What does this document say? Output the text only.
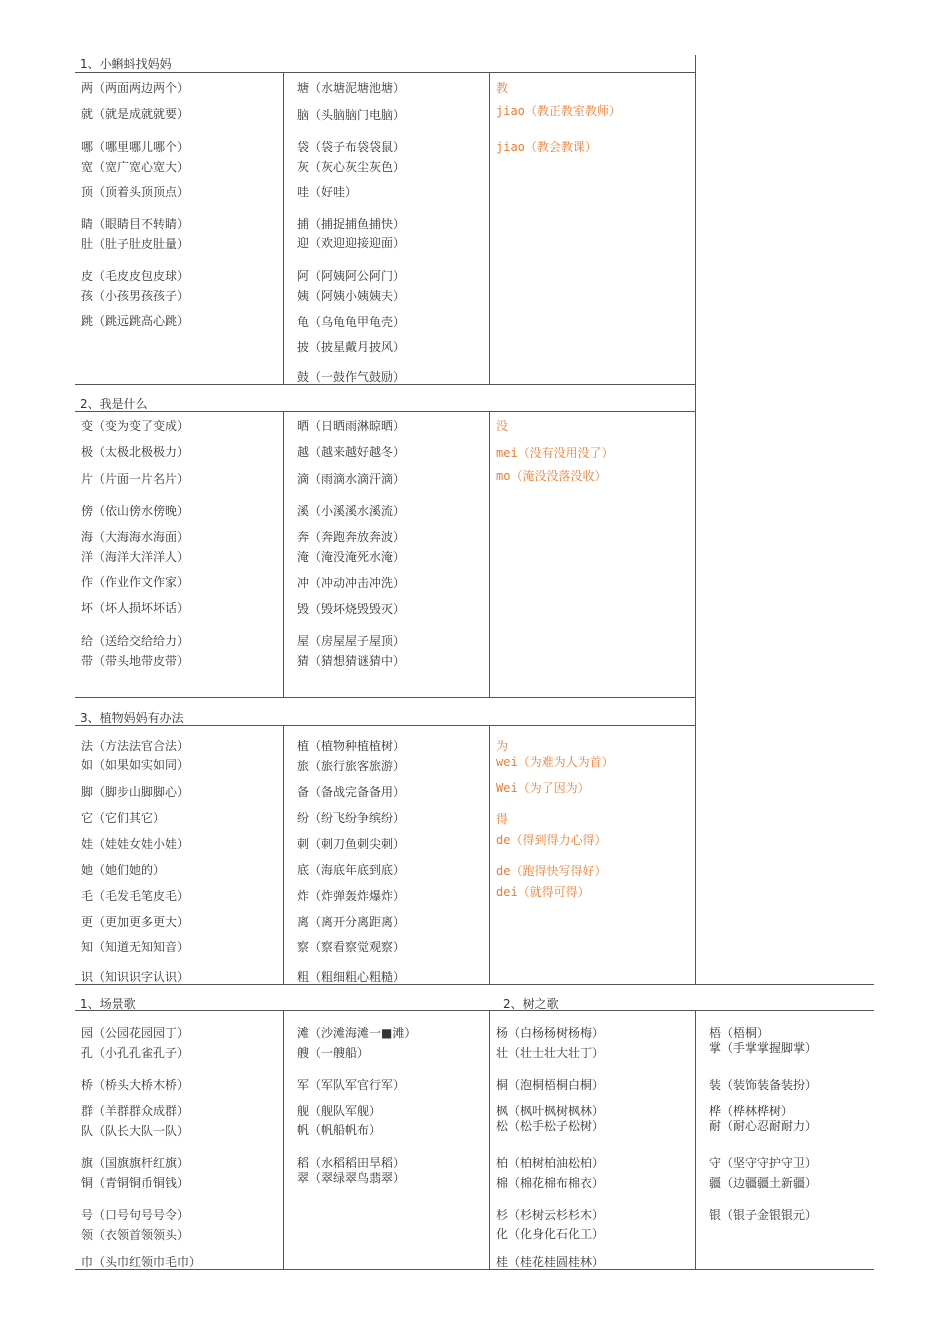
1、小蝌蚪找妈妈
两（两面两边两个）
就（就是成就就要）
哪（哪里哪儿哪个）
宽（宽广宽心宽大）
顶（顶着头顶顶点）
睛（眼睛目不转睛）
肚（肚子肚皮肚量）
皮（毛皮皮包皮球）
孩（小孩男孩孩子）
跳（跳远跳高心跳）
塘（水塘泥塘池塘）
脑（头脑脑门电脑）
袋（袋子布袋袋鼠）
灰（灰心灰尘灰色）
哇（好哇）
捕（捕捉捕鱼捕快）
迎（欢迎迎接迎面）
阿（阿姨阿公阿门）
姨（阿姨小姨姨夫）
龟（乌龟龟甲龟壳）
披（披星戴月披风）
鼓（一鼓作气鼓励）
教
jiao（教正教室教师）
jiao（教会教课）
2、我是什么
变（变为变了变成）
极（太极北极极力）
片（片面一片名片）
傍（依山傍水傍晚）
海（大海海水海面）
洋（海洋大洋洋人）
作（作业作文作家）
坏（坏人损坏坏话）
给（送给交给给力）
带（带头地带皮带）
晒（日晒雨淋晾晒）
越（越来越好越冬）
滴（雨滴水滴汗滴）
溪（小溪溪水溪流）
奔（奔跑奔放奔波）
淹（淹没淹死水淹）
冲（冲动冲击冲洗）
毁（毁坏烧毁毁灭）
屋（房屋屋子屋顶）
猜（猜想猜谜猜中）
没
mei（没有没用没了）
mo（淹没没落没收）
3、植物妈妈有办法
法（方法法官合法）
如（如果如实如同）
脚（脚步山脚脚心）
它（它们其它）
娃（娃娃女娃小娃）
她（她们她的）
毛（毛发毛笔皮毛）
更（更加更多更大）
知（知道无知知音）
识（知识识字认识）
植（植物种植植树）
旅（旅行旅客旅游）
备（备战完备备用）
纷（纷飞纷争缤纷）
刺（刺刀鱼刺尖刺）
底（海底年底到底）
炸（炸弹轰炸爆炸）
离（离开分离距离）
察（察看察觉观察）
粗（粗细粗心粗糙）
为
wei（为难为人为首）
Wei（为了因为）
得
de（得到得力心得）
de（跑得快写得好）
dei（就得可得）
1、场景歌	2、树之歌
园（公园花园园丁）
孔（小孔孔雀孔子）
桥（桥头大桥木桥）
群（羊群群众成群）
队（队长大队一队）
旗（国旗旗杆红旗）
铜（青铜铜币铜钱）
号（口号句号号令）
领（衣领首领领头）
巾（头巾红领巾毛巾）
滩（沙滩海滩一■滩）
艘（一艘船）
军（军队军官行军）
舰（舰队军舰）
帆（帆船帆布）
稻（水稻稻田旱稻）
翠（翠绿翠鸟翡翠）
杨（白杨杨树杨梅）
壮（壮士壮大壮丁）
桐（泡桐梧桐白桐）
枫（枫叶枫树枫林）
松（松手松子松树）
柏（柏树柏油松柏）
棉（棉花棉布棉衣）
杉（杉树云杉杉木）
化（化身化石化工）
桂（桂花桂圆桂林）
梧（梧桐）
掌（手掌掌握脚掌）
装（装饰装备装扮）
桦（桦林桦树）
耐（耐心忍耐耐力）
守（坚守守护守卫）
疆（边疆疆土新疆）
银（银子金银银元）
